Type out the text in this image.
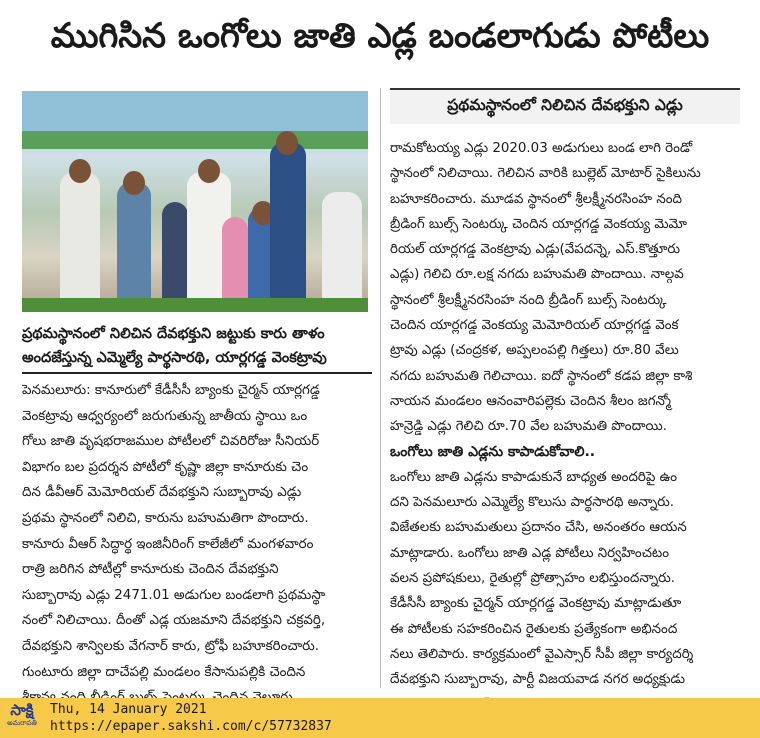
ముగిసిన ఒంగోలు జాతి ఎడ్ల బండలాగుడు పోటీలు
ప్రథమస్థానంలో నిలిచిన దేవభక్తుని జట్టుకు కారు తాళం
అందజేస్తున్న ఎమ్మెల్యే పార్థసారథి, యార్లగడ్డ వెంకట్రావు
పెనమలూరు: కానూరులో కేడీసీసీ బ్యాంకు చైర్మన్ యార్లగడ్డ
వెంకట్రావు ఆధ్వర్యంలో జరుగుతున్న జాతీయ స్థాయి ఒం
గోలు జాతి వృషభరాజముల పోటీలలో చివరిరోజు సీనియర్
విభాగం బల ప్రదర్శన పోటీలో కృష్ణా జిల్లా కానూరుకు చెం
దిన డీవీఆర్ మెమోరియల్ దేవభక్తుని సుబ్బారావు ఎడ్లు
ప్రథమ స్థానంలో నిలిచి, కారును బహుమతిగా పొందారు.
కానూరు వీఆర్ సిద్ధార్థ ఇంజినీరింగ్ కాలేజీలో మంగళవారం
రాత్రి జరిగిన పోటీల్లో కానూరుకు చెందిన దేవభక్తుని
సుబ్బారావు ఎడ్లు 2471.01 అడుగుల బండలాగి ప్రథమస్థా
నంలో నిలిచాయి. దీంతో ఎడ్ల యజమాని దేవభక్తుని చక్రవర్తి,
దేవభక్తుని శాన్విలకు వేగనార్ కారు, ట్రోఫీ బహూకరించారు.
గుంటూరు జిల్లా దాచేపల్లి మండలం కేసానుపల్లికి చెందిన
ప్రథమస్థానంలో నిలిచిన దేవభక్తుని ఎడ్లు
రామకోటయ్య ఎడ్లు 2020.03 అడుగులు బండ లాగి రెండో
స్థానంలో నిలిచాయి. గెలిచిన వారికి బుల్లెట్ మోటార్ సైకిలును
బహూకరించారు. మూడవ స్థానంలో శ్రీలక్ష్మీనరసింహ నంది
బ్రీడింగ్ బుల్స్ సెంటర్కు చెందిన యార్లగడ్డ వెంకయ్య మెమో
రియల్ యార్లగడ్డ వెంకట్రావు ఎడ్లు(వేపదన్నె, ఎస్.కొత్తూరు
ఎడ్లు) గెలిచి రూ.లక్ష నగదు బహుమతి పొందాయి. నాల్గవ
స్థానంలో శ్రీలక్ష్మీనరసింహ నంది బ్రీడింగ్ బుల్స్ సెంటర్కు
చెందిన యార్లగడ్డ వెంకయ్య మెమోరియల్ యార్లగడ్డ వెంక
ట్రావు ఎడ్లు (చంద్రకళ, అప్పలంపల్లి గిత్తలు) రూ.80 వేలు
నగదు బహుమతి గెలిచాయి. ఐదో స్థానంలో కడప జిల్లా కాశి
నాయన మండలం ఆనంవారిపల్లెకు చెందిన శీలం జగన్మో
హన్రెడ్డి ఎడ్లు గెలిచి రూ.70 వేల బహుమతి పొందాయి.
ఒంగోలు జాతి ఎడ్లను కాపాడుకోవాలి..
ఒంగోలు జాతి ఎడ్లను కాపాడుకునే బాధ్యత అందరిపై ఉం
దని పెనమలూరు ఎమ్మెల్యే కొలుసు పార్థసారథి అన్నారు.
విజేతలకు బహుమతులు ప్రదానం చేసి, అనంతరం ఆయన
మాట్లాడారు. ఒంగోలు జాతి ఎడ్ల పోటీలు నిర్వహించటం
వలన ప్రపోషకులు, రైతుల్లో ప్రోత్సాహం లభిస్తుందన్నారు.
కేడీసీసీ బ్యాంకు చైర్మన్ యార్లగడ్డ వెంకట్రావు మాట్లాడుతూ
ఈ పోటీలకు సహకరించిన రైతులకు ప్రత్యేకంగా అభినంద
నలు తెలిపారు. కార్యక్రమంలో వైఎస్సార్ సీపీ జిల్లా కార్యదర్శి
దేవభక్తుని సుబ్బారావు, పార్టీ విజయవాడ నగర అధ్యక్షుడు
సాక్షి
అమరావతి
Thu, 14 January 2021
https://epaper.sakshi.com/c/57732837
